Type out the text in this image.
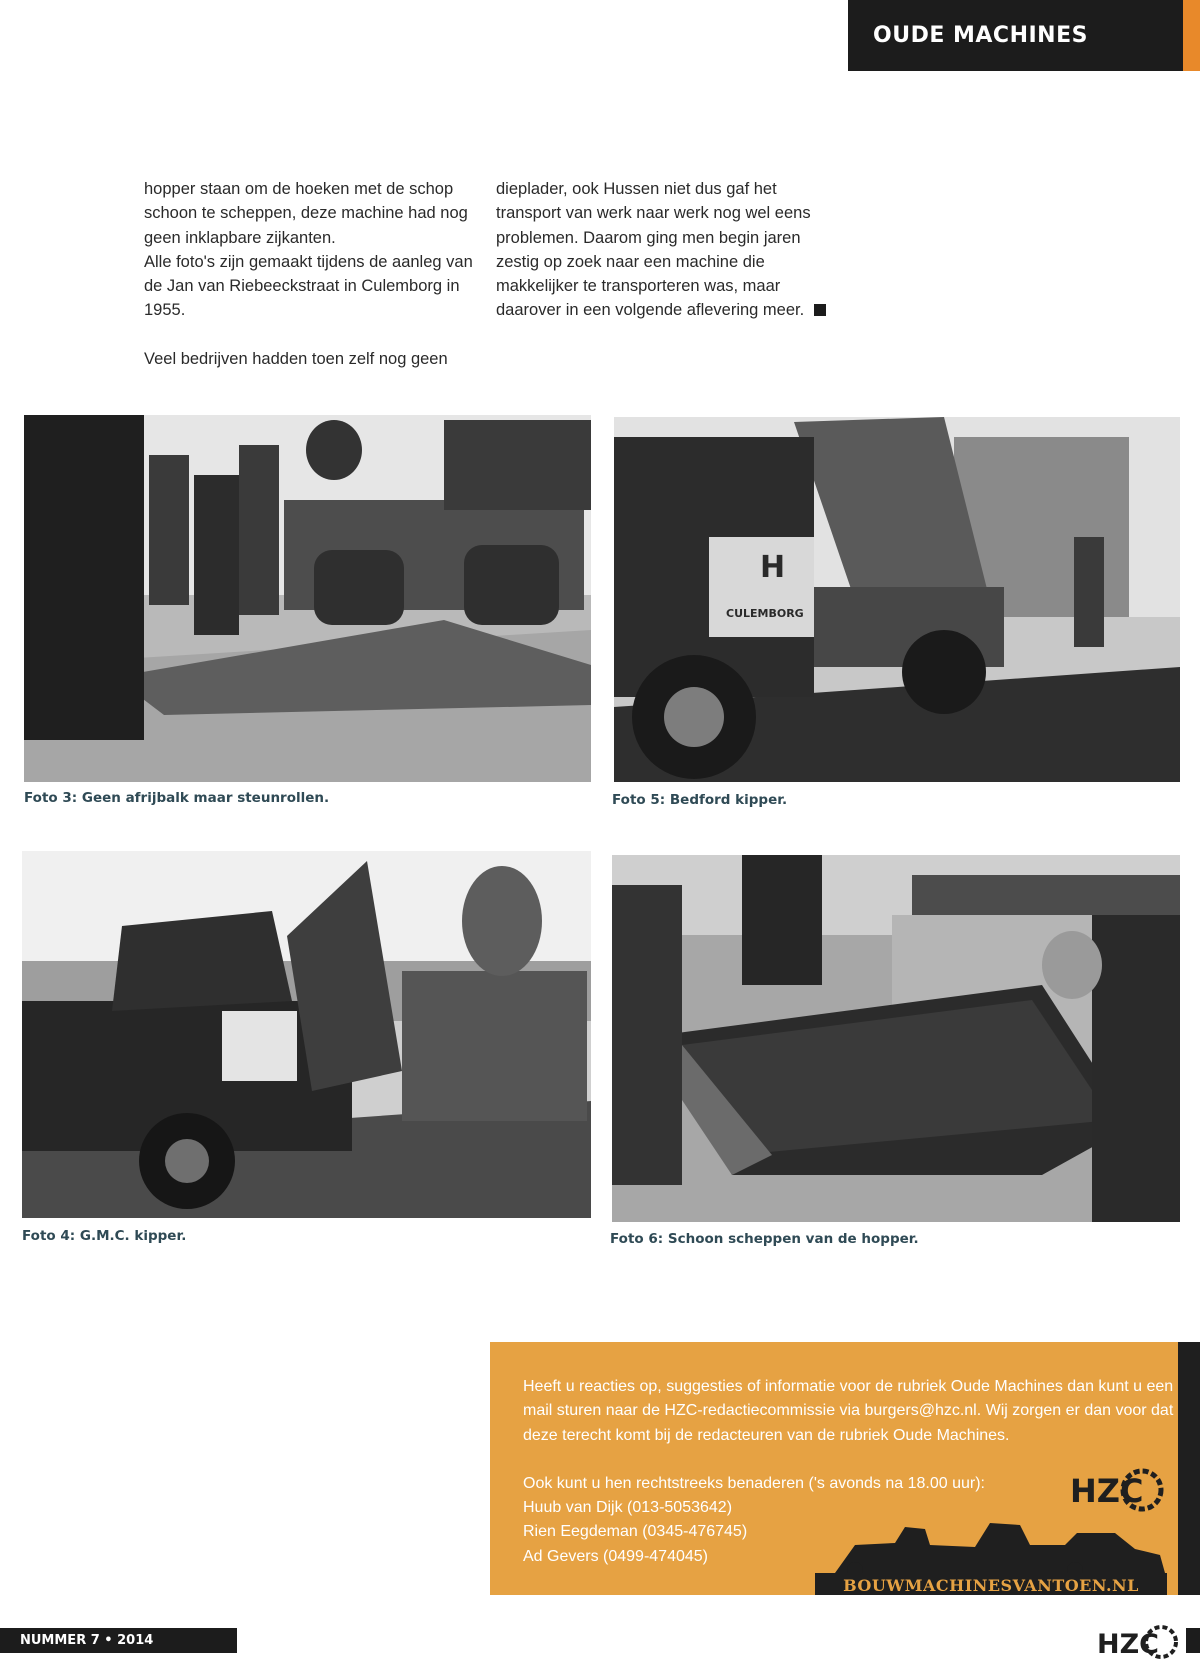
OUDE MACHINES

hopper staan om de hoeken met de schop schoon te scheppen, deze machine had nog geen inklapbare zijkanten.

Alle foto's zijn gemaakt tijdens de aanleg van de Jan van Riebeeckstraat in Culemborg in 1955.

Veel bedrijven hadden toen zelf nog geen

dieplader, ook Hussen niet dus gaf het transport van werk naar werk nog wel eens problemen. Daarom ging men begin jaren zestig op zoek naar een machine die makkelijker te transporteren was, maar daarover in een volgende aflevering meer.

Foto 3: Geen afrijbalk maar steunrollen.
H
CULEMBORG
Foto 5: Bedford kipper.
Foto 4: G.M.C. kipper.	Foto 6: Schoon scheppen van de hopper.

Heeft u reacties op, suggesties of informatie voor de rubriek Oude Machines dan kunt u een mail sturen naar de HZC-redactiecommissie via burgers@hzc.nl. Wij zorgen er dan voor dat deze terecht komt bij de redacteuren van de rubriek Oude Machines.

Ook kunt u hen rechtstreeks benaderen ('s avonds na 18.00 uur):

Huub van Dijk (013-5053642)

Rien Eegdeman (0345-476745)

Ad Gevers (0499-474045)

HZC
BOUWMACHINESVANTOEN.NL
NUMMER 7 • 2014	HZC
